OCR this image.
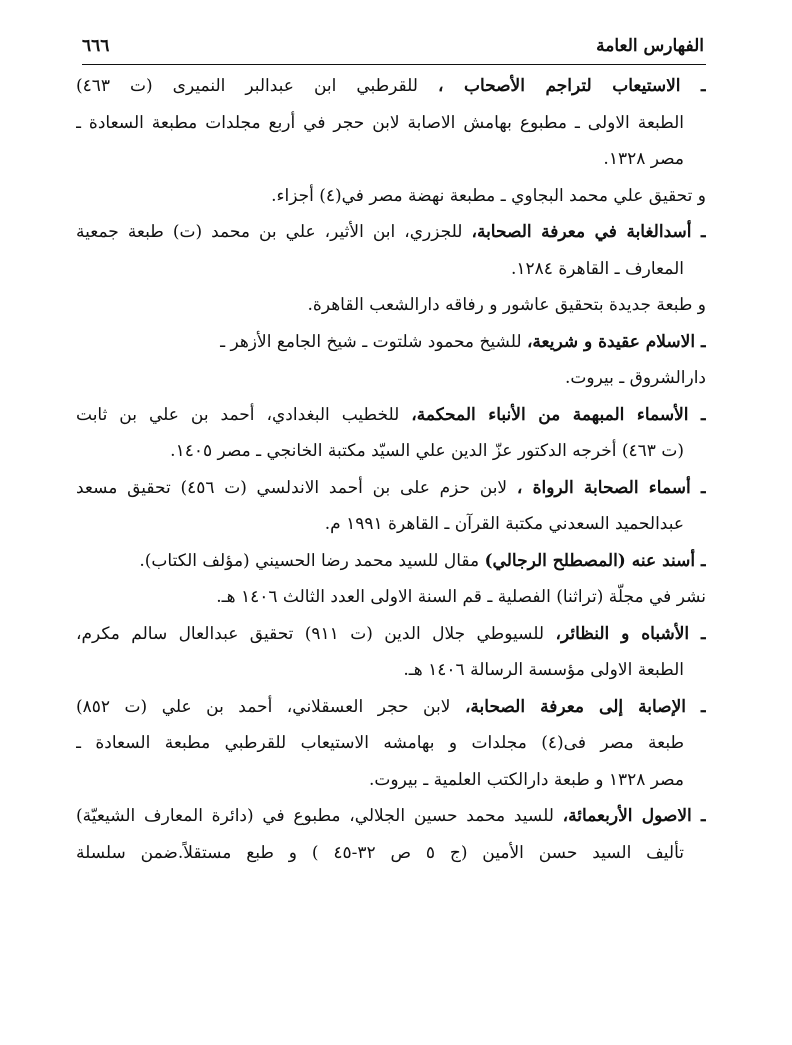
الفهارس العامة
٦٦٦
ـ الاستيعاب لتراجم الأصحاب ، للقرطبي ابن عبدالبر النميرى (ت ٤٦٣)
الطبعة الاولى ـ مطبوع بهامش الاصابة لابن حجر في أربع مجلدات مطبعة السعادة ـ
مصر ١٣٢٨.
و تحقيق علي محمد البجاوي ـ مطبعة نهضة مصر في(٤) أجزاء.
ـ أسدالغابة في معرفة الصحابة، للجزري، ابن الأثير، علي بن محمد (ت) طبعة جمعية
المعارف ـ القاهرة ١٢٨٤.
و طبعة جديدة بتحقيق عاشور و رفاقه دارالشعب القاهرة.
ـ الاسلام عقيدة و شريعة، للشيخ محمود شلتوت ـ شيخ الجامع الأزهر ـ
دارالشروق ـ بيروت.
ـ الأسماء المبهمة من الأنباء المحكمة، للخطيب البغدادي، أحمد بن علي بن ثابت
(ت ٤٦٣) أخرجه الدكتور عزّ الدين علي السيّد مكتبة الخانجي ـ مصر ١٤٠٥.
ـ أسماء الصحابة الرواة ، لابن حزم على بن أحمد الاندلسي (ت ٤٥٦) تحقيق مسعد
عبدالحميد السعدني مكتبة القرآن ـ القاهرة ١٩٩١ م.
ـ أسند عنه (المصطلح الرجالي) مقال للسيد محمد رضا الحسيني (مؤلف الكتاب).
نشر في مجلّة (تراثنا) الفصلية ـ قم السنة الاولى العدد الثالث ١٤٠٦ هـ.
ـ الأشباه و النظائر، للسيوطي جلال الدين (ت ٩١١) تحقيق عبدالعال سالم مكرم،
الطبعة الاولى مؤسسة الرسالة ١٤٠٦ هـ.
ـ الإصابة إلى معرفة الصحابة، لابن حجر العسقلاني، أحمد بن علي (ت ٨٥٢)
طبعة مصر فى(٤) مجلدات و بهامشه الاستيعاب للقرطبي مطبعة السعادة ـ
مصر ١٣٢٨ و طبعة دارالكتب العلمية ـ بيروت.
ـ الاصول الأربعمائة، للسيد محمد حسين الجلالي، مطبوع في (دائرة المعارف الشيعيّة)
تأليف السيد حسن الأمين (ج ٥ ص ٣٢-٤٥ ) و طبع مستقلاً.ضمن سلسلة
